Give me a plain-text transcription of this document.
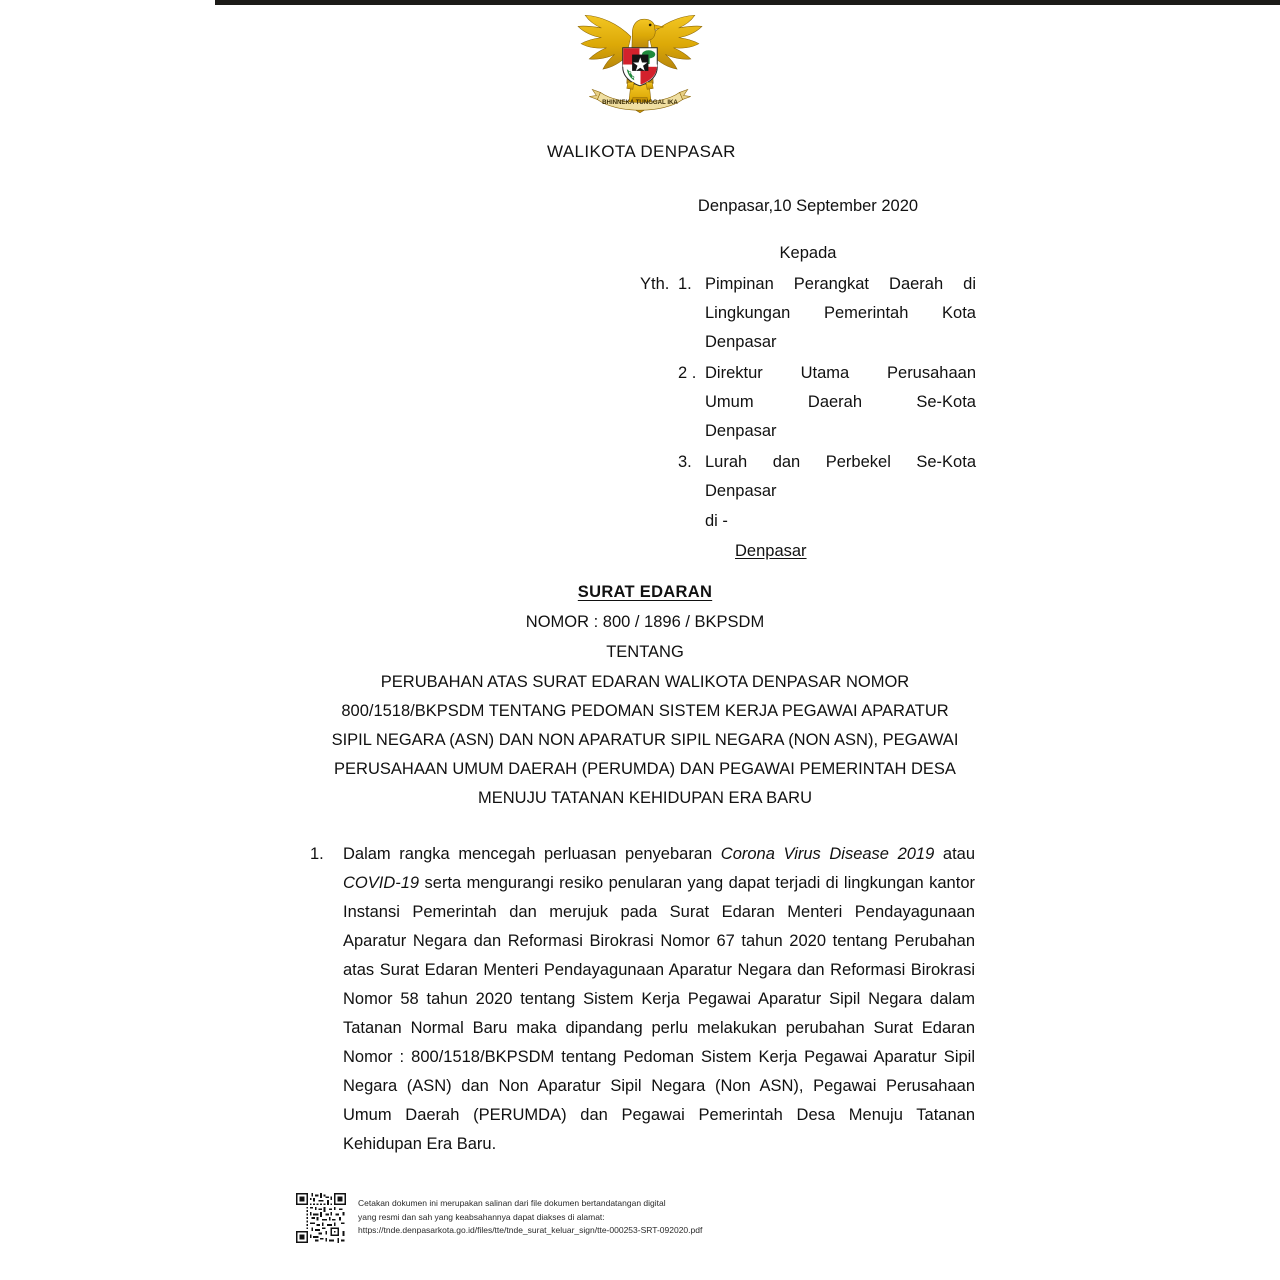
BHINNEKA TUNGGAL IKA
WALIKOTA DENPASAR
Denpasar,10 September 2020
Kepada
Yth. 1. Pimpinan Perangkat Daerah di
Lingkungan Pemerintah Kota
Denpasar
2 . Direktur Utama Perusahaan
Umum Daerah Se-Kota
Denpasar
3. Lurah dan Perbekel Se-Kota
Denpasar
di -
Denpasar
SURAT EDARAN
NOMOR : 800 / 1896 / BKPSDM
TENTANG
PERUBAHAN ATAS SURAT EDARAN WALIKOTA DENPASAR NOMOR
800/1518/BKPSDM TENTANG PEDOMAN SISTEM KERJA PEGAWAI APARATUR
SIPIL NEGARA (ASN) DAN NON APARATUR SIPIL NEGARA (NON ASN), PEGAWAI
PERUSAHAAN UMUM DAERAH (PERUMDA) DAN PEGAWAI PEMERINTAH DESA
MENUJU TATANAN KEHIDUPAN ERA BARU
1.	Dalam rangka mencegah perluasan penyebaran Corona Virus Disease 2019 atau COVID-19 serta mengurangi resiko penularan yang dapat terjadi di lingkungan kantor Instansi Pemerintah dan merujuk pada Surat Edaran Menteri Pendayagunaan Aparatur Negara dan Reformasi Birokrasi Nomor 67 tahun 2020 tentang Perubahan atas Surat Edaran Menteri Pendayagunaan Aparatur Negara dan Reformasi Birokrasi Nomor 58 tahun 2020 tentang Sistem Kerja Pegawai Aparatur Sipil Negara dalam Tatanan Normal Baru maka dipandang perlu melakukan perubahan Surat Edaran Nomor : 800/1518/BKPSDM tentang Pedoman Sistem Kerja Pegawai Aparatur Sipil Negara (ASN) dan Non Aparatur Sipil Negara (Non ASN), Pegawai Perusahaan Umum Daerah (PERUMDA) dan Pegawai Pemerintah Desa Menuju Tatanan Kehidupan Era Baru.
Cetakan dokumen ini merupakan salinan dari file dokumen bertandatangan digital
yang resmi dan sah yang keabsahannya dapat diakses di alamat:
https://tnde.denpasarkota.go.id/files/tte/tnde_surat_keluar_sign/tte-000253-SRT-092020.pdf
